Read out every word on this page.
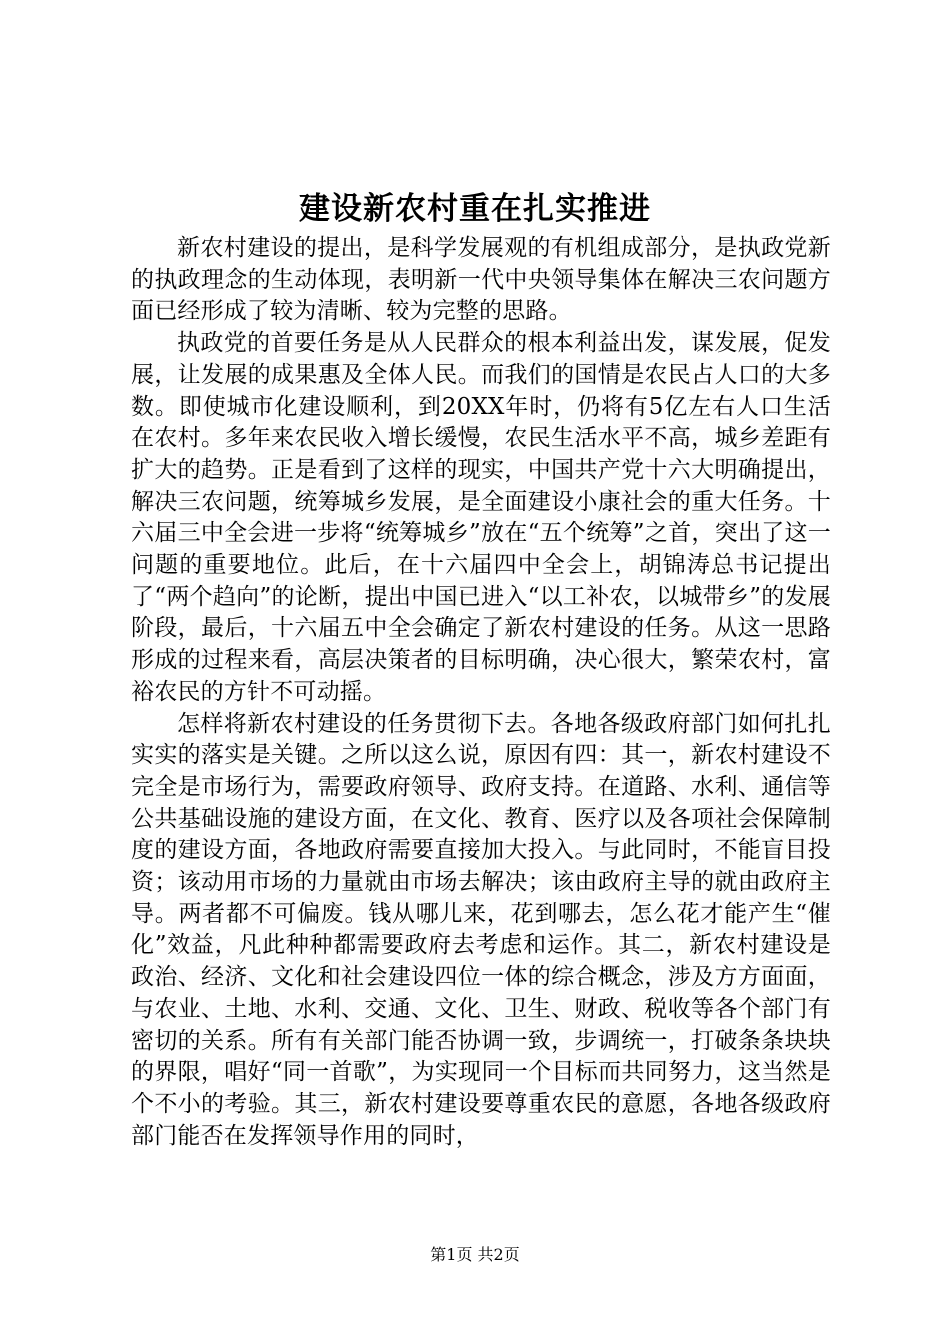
建设新农村重在扎实推进

新农村建设的提出，是科学发展观的有机组成部分，是执政党新的执政理念的生动体现，表明新一代中央领导集体在解决三农问题方面已经形成了较为清晰、较为完整的思路。

执政党的首要任务是从人民群众的根本利益出发，谋发展，促发展，让发展的成果惠及全体人民。而我们的国情是农民占人口的大多数。即使城市化建设顺利，到20XX年时，仍将有5亿左右人口生活在农村。多年来农民收入增长缓慢，农民生活水平不高，城乡差距有扩大的趋势。正是看到了这样的现实，中国共产党十六大明确提出，解决三农问题，统筹城乡发展，是全面建设小康社会的重大任务。十六届三中全会进一步将“统筹城乡”放在“五个统筹”之首，突出了这一问题的重要地位。此后，在十六届四中全会上，胡锦涛总书记提出了“两个趋向”的论断，提出中国已进入“以工补农，以城带乡”的发展阶段，最后，十六届五中全会确定了新农村建设的任务。从这一思路形成的过程来看，高层决策者的目标明确，决心很大，繁荣农村，富裕农民的方针不可动摇。

怎样将新农村建设的任务贯彻下去。各地各级政府部门如何扎扎实实的落实是关键。之所以这么说，原因有四：其一，新农村建设不完全是市场行为，需要政府领导、政府支持。在道路、水利、通信等公共基础设施的建设方面，在文化、教育、医疗以及各项社会保障制度的建设方面，各地政府需要直接加大投入。与此同时，不能盲目投资；该动用市场的力量就由市场去解决；该由政府主导的就由政府主导。两者都不可偏废。钱从哪儿来，花到哪去，怎么花才能产生“催化”效益，凡此种种都需要政府去考虑和运作。其二，新农村建设是政治、经济、文化和社会建设四位一体的综合概念，涉及方方面面，与农业、土地、水利、交通、文化、卫生、财政、税收等各个部门有密切的关系。所有有关部门能否协调一致，步调统一，打破条条块块的界限，唱好“同一首歌”，为实现同一个目标而共同努力，这当然是个不小的考验。其三，新农村建设要尊重农民的意愿，各地各级政府部门能否在发挥领导作用的同时，

第1页 共2页
